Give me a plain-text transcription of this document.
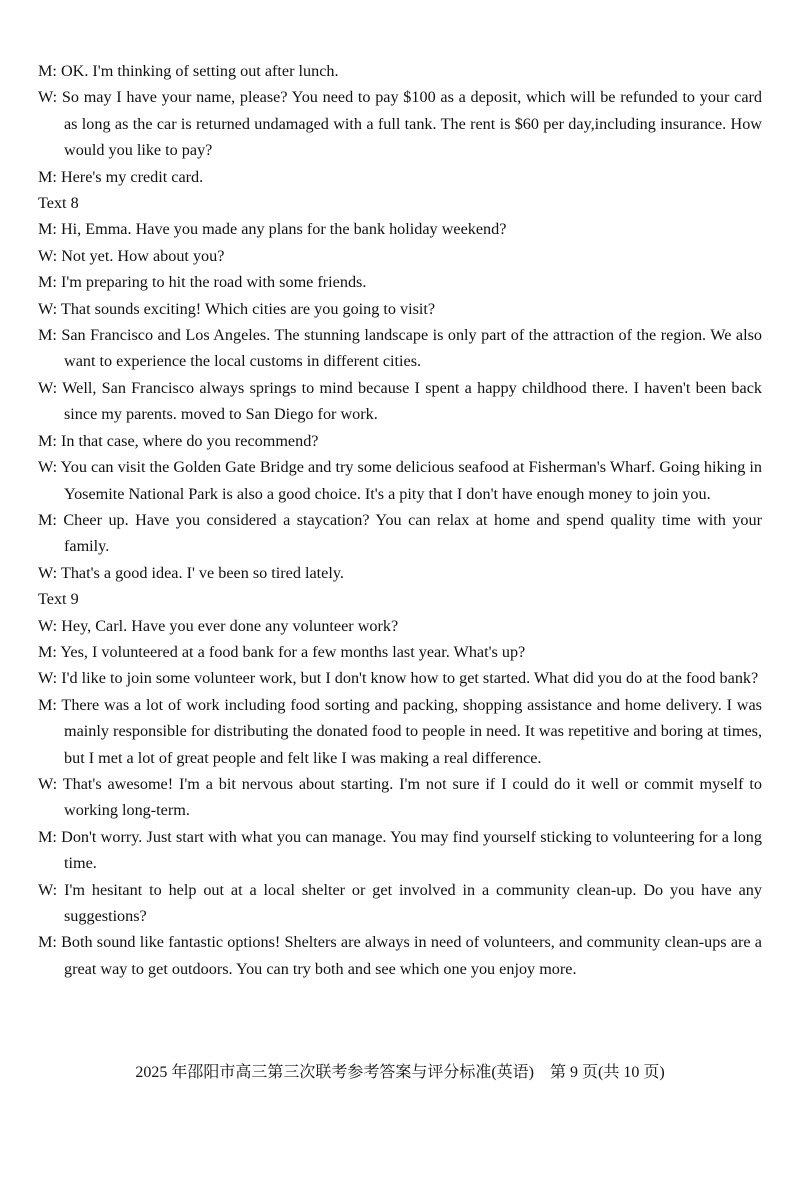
M: OK. I'm thinking of setting out after lunch.

W: So may I have your name, please? You need to pay $100 as a deposit, which will be refunded to your card as long as the car is returned undamaged with a full tank. The rent is $60 per day,including insurance. How would you like to pay?

M: Here's my credit card.

Text 8

M: Hi, Emma. Have you made any plans for the bank holiday weekend?

W: Not yet. How about you?

M: I'm preparing to hit the road with some friends.

W: That sounds exciting! Which cities are you going to visit?

M: San Francisco and Los Angeles. The stunning landscape is only part of the attraction of the region. We also want to experience the local customs in different cities.

W: Well, San Francisco always springs to mind because I spent a happy childhood there. I haven't been back since my parents. moved to San Diego for work.

M: In that case, where do you recommend?

W: You can visit the Golden Gate Bridge and try some delicious seafood at Fisherman's Wharf. Going hiking in Yosemite National Park is also a good choice. It's a pity that I don't have enough money to join you.

M: Cheer up. Have you considered a staycation? You can relax at home and spend quality time with your family.

W: That's a good idea. I' ve been so tired lately.

Text 9

W: Hey, Carl. Have you ever done any volunteer work?

M: Yes, I volunteered at a food bank for a few months last year. What's up?

W: I'd like to join some volunteer work, but I don't know how to get started. What did you do at the food bank?

M: There was a lot of work including food sorting and packing, shopping assistance and home delivery. I was mainly responsible for distributing the donated food to people in need. It was repetitive and boring at times, but I met a lot of great people and felt like I was making a real difference.

W: That's awesome! I'm a bit nervous about starting. I'm not sure if I could do it well or commit myself to working long-term.

M: Don't worry. Just start with what you can manage. You may find yourself sticking to volunteering for a long time.

W: I'm hesitant to help out at a local shelter or get involved in a community clean-up. Do you have any suggestions?

M: Both sound like fantastic options! Shelters are always in need of volunteers, and community clean-ups are a great way to get outdoors. You can try both and see which one you enjoy more.

2025 年邵阳市高三第三次联考参考答案与评分标准(英语)　第 9 页(共 10 页)
